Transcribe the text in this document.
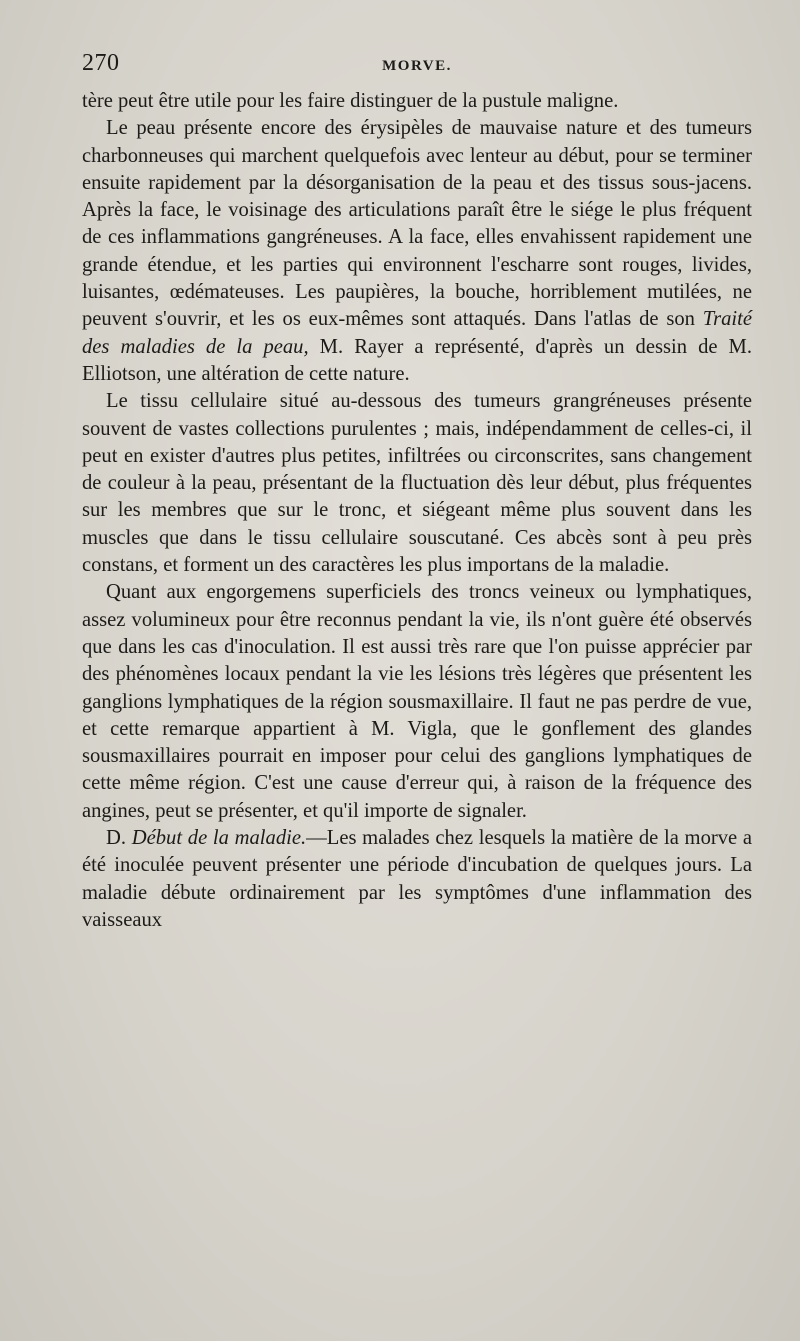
270	MORVE.

tère peut être utile pour les faire distinguer de la pustule maligne.

Le peau présente encore des érysipèles de mauvaise nature et des tumeurs charbonneuses qui marchent quelquefois avec lenteur au début, pour se terminer ensuite rapidement par la désorganisation de la peau et des tissus sous-jacens. Après la face, le voisinage des articulations paraît être le siége le plus fréquent de ces inflammations gangréneuses. A la face, elles envahissent rapidement une grande étendue, et les parties qui environnent l'escharre sont rouges, livides, luisantes, œdémateuses. Les paupières, la bouche, horriblement mutilées, ne peuvent s'ouvrir, et les os eux-mêmes sont attaqués. Dans l'atlas de son Traité des maladies de la peau, M. Rayer a représenté, d'après un dessin de M. Elliotson, une altération de cette nature.

Le tissu cellulaire situé au-dessous des tumeurs grangréneuses présente souvent de vastes collections purulentes ; mais, indépendamment de celles-ci, il peut en exister d'autres plus petites, infiltrées ou circonscrites, sans changement de couleur à la peau, présentant de la fluctuation dès leur début, plus fréquentes sur les membres que sur le tronc, et siégeant même plus souvent dans les muscles que dans le tissu cellulaire souscutané. Ces abcès sont à peu près constans, et forment un des caractères les plus importans de la maladie.

Quant aux engorgemens superficiels des troncs veineux ou lymphatiques, assez volumineux pour être reconnus pendant la vie, ils n'ont guère été observés que dans les cas d'inoculation. Il est aussi très rare que l'on puisse apprécier par des phénomènes locaux pendant la vie les lésions très légères que présentent les ganglions lymphatiques de la région sousmaxillaire. Il faut ne pas perdre de vue, et cette remarque appartient à M. Vigla, que le gonflement des glandes sousmaxillaires pourrait en imposer pour celui des ganglions lymphatiques de cette même région. C'est une cause d'erreur qui, à raison de la fréquence des angines, peut se présenter, et qu'il importe de signaler.

D. Début de la maladie.—Les malades chez lesquels la matière de la morve a été inoculée peuvent présenter une période d'incubation de quelques jours. La maladie débute ordinairement par les symptômes d'une inflammation des vaisseaux
